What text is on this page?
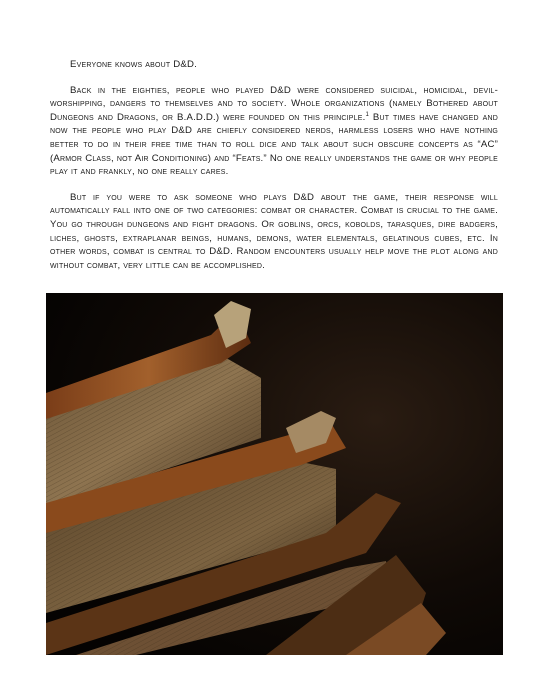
Everyone knows about D&D.

Back in the eighties, people who played D&D were considered suicidal, homicidal, devil-worshipping, dangers to themselves and to society. Whole organizations (namely Bothered about Dungeons and Dragons, or B.A.D.D.) were founded on this principle.$^1$ But times have changed and now the people who play D&D are chiefly considered nerds, harmless losers who have nothing better to do in their free time than to roll dice and talk about such obscure concepts as “AC” (Armor Class, not Air Conditioning) and “Feats.” No one really understands the game or why people play it and frankly, no one really cares.

But if you were to ask someone who plays D&D about the game, their response will automatically fall into one of two categories: combat or character. Combat is crucial to the game. You go through dungeons and fight dragons. Or goblins, orcs, kobolds, tarasques, dire badgers, liches, ghosts, extraplanar beings, humans, demons, water elementals, gelatinous cubes, etc. In other words, combat is central to D&D. Random encounters usually help move the plot along and without combat, very little can be accomplished.
